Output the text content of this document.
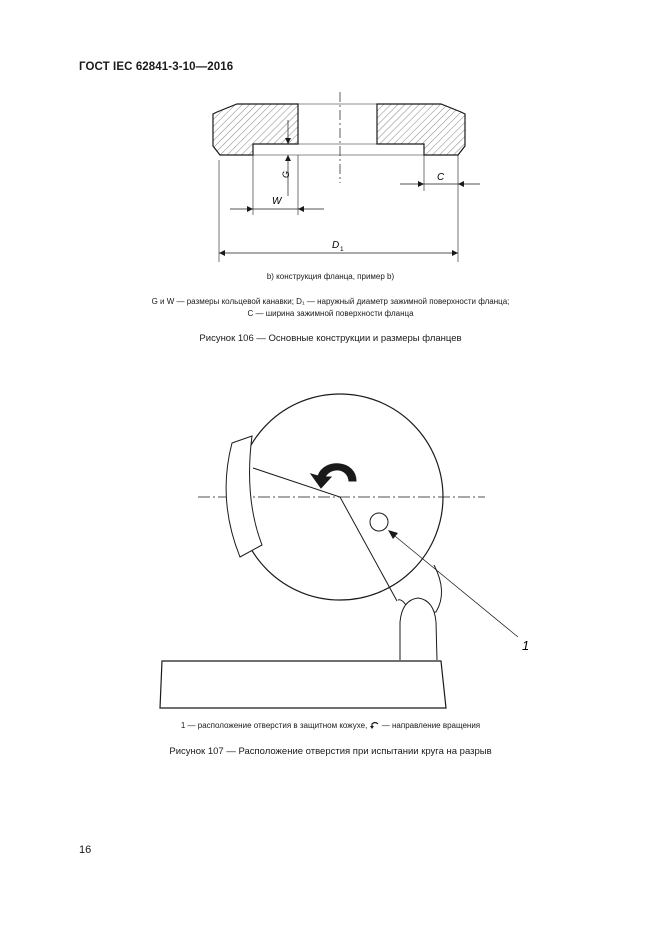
ГОСТ IEC 62841-3-10—2016
G
W
C
D 1
b) конструкция фланца, пример b)
G и W — размеры кольцевой канавки; D₁ — наружный диаметр зажимной поверхности фланца;
C — ширина зажимной поверхности фланца
Рисунок 106 — Основные конструкции и размеры фланцев
1
1 — расположение отверстия в защитном кожухе, — направление вращения
Рисунок 107 — Расположение отверстия при испытании круга на разрыв
16
